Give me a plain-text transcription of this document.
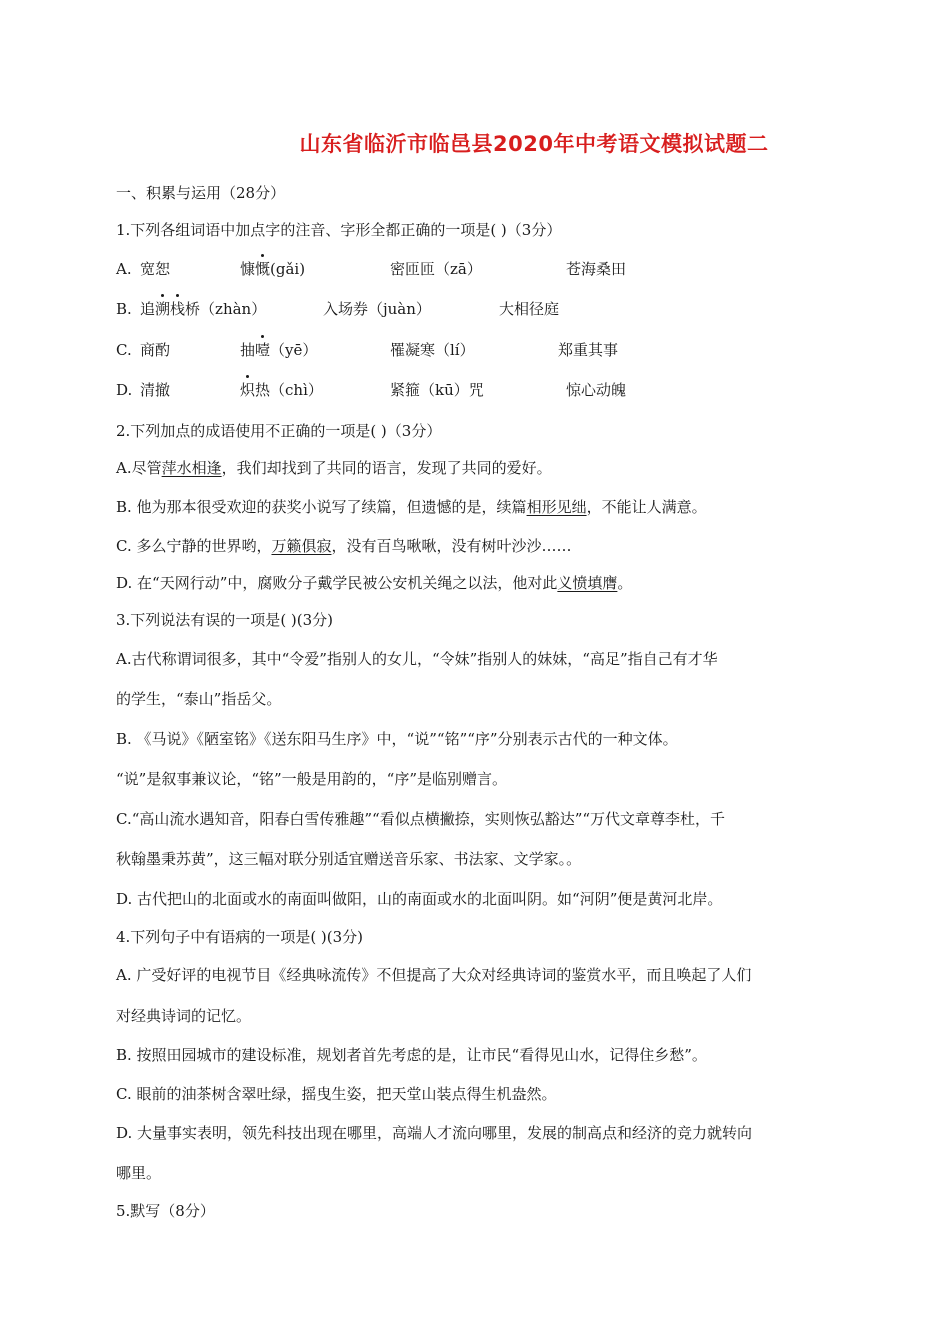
山东省临沂市临邑县2020年中考语文模拟试题二
一、积累与运用（28分）
1.下列各组词语中加点字的注音、字形全都正确的一项是( )（3分）
A. 宽恕	慷慨(gǎi)	密匝匝（zā）	苍海桑田
B. 追溯栈桥（zhàn）	入场券（juàn）	大相径庭
C. 商酌	抽噎（yē）	罹凝寒（lí）	郑重其事
D. 清撤	炽热（chì）	紧箍（kū）咒	惊心动魄
2.下列加点的成语使用不正确的一项是( )（3分）
A.尽管萍水相逢，我们却找到了共同的语言，发现了共同的爱好。
B. 他为那本很受欢迎的获奖小说写了续篇，但遗憾的是，续篇相形见绌，不能让人满意。
C. 多么宁静的世界哟，万籁俱寂，没有百鸟啾啾，没有树叶沙沙……
D. 在“天网行动”中，腐败分子戴学民被公安机关绳之以法，他对此义愤填膺。
3.下列说法有误的一项是( )(3分)
A.古代称谓词很多，其中“令爱”指别人的女儿，“令妹”指别人的妹妹，“高足”指自己有才华
的学生，“泰山”指岳父。
B. 《马说》《陋室铭》《送东阳马生序》中，“说”“铭”“序”分别表示古代的一种文体。
“说”是叙事兼议论，“铭”一般是用韵的，“序”是临别赠言。
C.“高山流水遇知音，阳春白雪传雅趣”“看似点横撇捺，实则恢弘豁达”“万代文章尊李杜，千
秋翰墨秉苏黄”，这三幅对联分别适宜赠送音乐家、书法家、文学家。。
D. 古代把山的北面或水的南面叫做阳，山的南面或水的北面叫阴。如“河阴”便是黄河北岸。
4.下列句子中有语病的一项是( )(3分)
A. 广受好评的电视节目《经典咏流传》不但提高了大众对经典诗词的鉴赏水平，而且唤起了人们
对经典诗词的记忆。
B. 按照田园城市的建设标准，规划者首先考虑的是，让市民“看得见山水，记得住乡愁”。
C. 眼前的油茶树含翠吐绿，摇曳生姿，把天堂山装点得生机盎然。
D. 大量事实表明，领先科技出现在哪里，高端人才流向哪里，发展的制高点和经济的竞力就转向
哪里。
5.默写（8分）
